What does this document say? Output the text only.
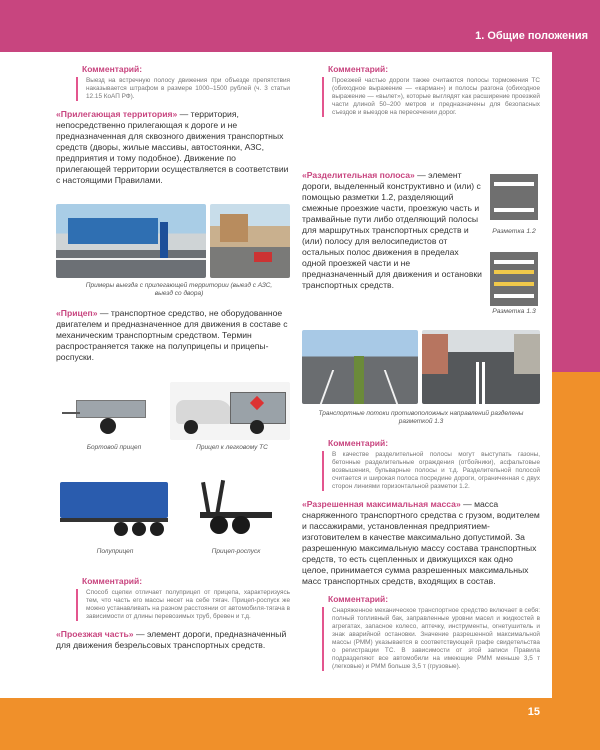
1. Общие положения
15
Комментарий:
Выезд на встречную полосу движения при объезде препятствия наказывается штрафом в размере 1000–1500 рублей (ч. 3 статьи 12.15 КоАП РФ).
«Прилегающая территория» — территория, непосредственно прилегающая к дороге и не предназначенная для сквозного движения транспортных средств (дворы, жилые массивы, автостоянки, АЗС, предприятия и тому подобное). Движение по прилегающей территории осуществляется в соответствии с настоящими Правилами.
Примеры выезда с прилегающей территории (выезд с АЗС, выезд со двора)
«Прицеп» — транспортное средство, не оборудованное двигателем и предназначенное для движения в составе с механическим транспортным средством. Термин распространяется также на полуприцепы и прицепы-роспуски.
Бортовой прицеп	Прицеп к легковому ТС
Полуприцеп	Прицеп-роспуск
Комментарий:
Способ сцепки отличает полуприцеп от прицепа, характеризуясь тем, что часть его массы несет на себе тягач. Прицеп-роспуск же можно устанавливать на разном расстоянии от автомобиля-тягача в зависимости от длины перевозимых труб, бревен и т.д.
«Проезжая часть» — элемент дороги, предназначенный для движения безрельсовых транспортных средств.
Комментарий:
Проезжей частью дороги также считаются полосы торможения ТС (обиходное выражение — «карман») и полосы разгона (обиходное выражение — «вылет»), которые выглядят как расширение проезжей части длиной 50–200 метров и предназначены для безопасных съездов и выездов на пересечении дорог.
«Разделительная полоса» — элемент дороги, выделенный конструктивно и (или) с помощью разметки 1.2, разделяющий смежные проезжие части, проезжую часть и трамвайные пути либо отделяющий полосы для маршрутных транспортных средств и (или) полосу для велосипедистов от остальных полос движения в пределах одной проезжей части и не предназначенный для движения и остановки транспортных средств.
Разметка 1.2
Разметка 1.3
Транспортные потоки противоположных направлений разделены разметкой 1.3
Комментарий:
В качестве разделительной полосы могут выступать газоны, бетонные разделительные ограждения (отбойники), асфальтовые возвышения, бульварные полосы и т.д. Разделительной полосой считается и широкая полоса посредине дороги, ограниченная с двух сторон линиями горизонтальной разметки 1.2.
«Разрешенная максимальная масса» — масса снаряженного транспортного средства с грузом, водителем и пассажирами, установленная предприятием-изготовителем в качестве максимально допустимой. За разрешенную максимальную массу состава транспортных средств, то есть сцепленных и движущихся как одно целое, принимается сумма разрешенных максимальных масс транспортных средств, входящих в состав.
Комментарий:
Снаряженное механическое транспортное средство включает в себя: полный топливный бак, заправленные уровни масел и жидкостей в агрегатах, запасное колесо, аптечку, инструменты, огнетушитель и знак аварийной остановки. Значение разрешенной максимальной массы (РММ) указывается в соответствующей графе свидетельства о регистрации ТС. В зависимости от этой записи Правила подразделяют все автомобили на имеющие РММ меньше 3,5 т (легковые) и РММ больше 3,5 т (грузовые).
